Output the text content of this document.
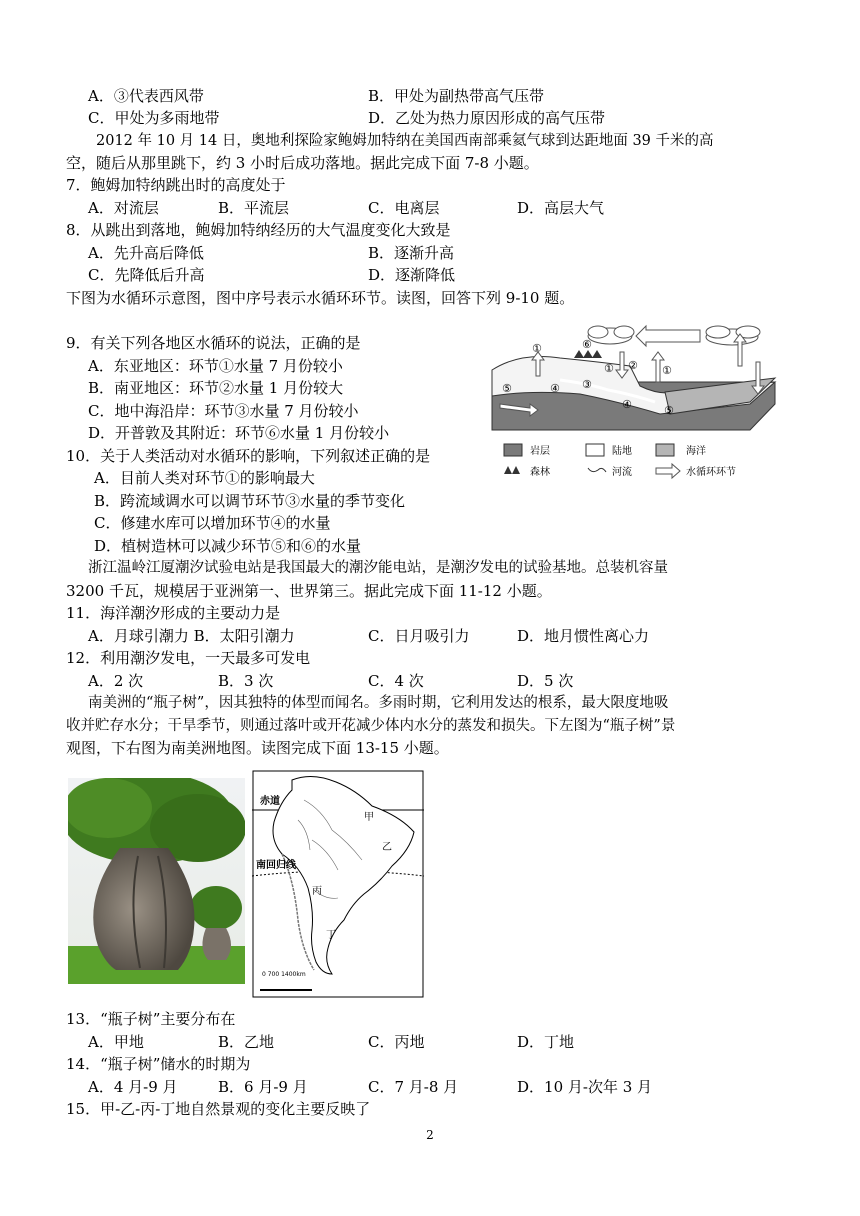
A．③代表西风带	B．甲处为副热带高气压带
C．甲处为多雨地带	D．乙处为热力原因形成的高气压带
2012 年 10 月 14 日，奥地利探险家鲍姆加特纳在美国西南部乘氦气球到达距地面 39 千米的高
空，随后从那里跳下，约 3 小时后成功落地。据此完成下面 7-8 小题。
7．鲍姆加特纳跳出时的高度处于
A．对流层	B．平流层	C．电离层	D．高层大气
8．从跳出到落地，鲍姆加特纳经历的大气温度变化大致是
A．先升高后降低	B．逐渐升高
C．先降低后升高	D．逐渐降低
下图为水循环示意图，图中序号表示水循环环节。读图，回答下列 9-10 题。
9．有关下列各地区水循环的说法，正确的是
A．东亚地区：环节①水量 7 月份较小
B．南亚地区：环节②水量 1 月份较大
C．地中海沿岸：环节③水量 7 月份较小
D．开普敦及其附近：环节⑥水量 1 月份较小
10．关于人类活动对水循环的影响，下列叙述正确的是
A．目前人类对环节①的影响最大
B．跨流域调水可以调节环节③水量的季节变化
C．修建水库可以增加环节④的水量
D．植树造林可以减少环节⑤和⑥的水量
①	⑥
① ② ①
⑤	④ ③
④	⑤
岩层	陆地	海洋
森林	河流	水循环环节
浙江温岭江厦潮汐试验电站是我国最大的潮汐能电站，是潮汐发电的试验基地。总装机容量
3200 千瓦，规模居于亚洲第一、世界第三。据此完成下面 11-12 小题。
11．海洋潮汐形成的主要动力是
A．月球引潮力 B．太阳引潮力	C．日月吸引力	D．地月惯性离心力
12．利用潮汐发电，一天最多可发电
A．2 次	B．3 次	C．4 次	D．5 次
南美洲的“瓶子树”，因其独特的体型而闻名。多雨时期，它利用发达的根系，最大限度地吸
收并贮存水分；干旱季节，则通过落叶或开花减少体内水分的蒸发和损失。下左图为“瓶子树”景
观图，下右图为南美洲地图。读图完成下面 13-15 小题。
赤道
南回归线
甲
乙
丙
丁
0 700 1400km
13．“瓶子树”主要分布在
A．甲地	B．乙地	C．丙地	D．丁地
14．“瓶子树”储水的时期为
A．4 月-9 月	B．6 月-9 月	C．7 月-8 月	D．10 月-次年 3 月
15．甲-乙-丙-丁地自然景观的变化主要反映了
2
